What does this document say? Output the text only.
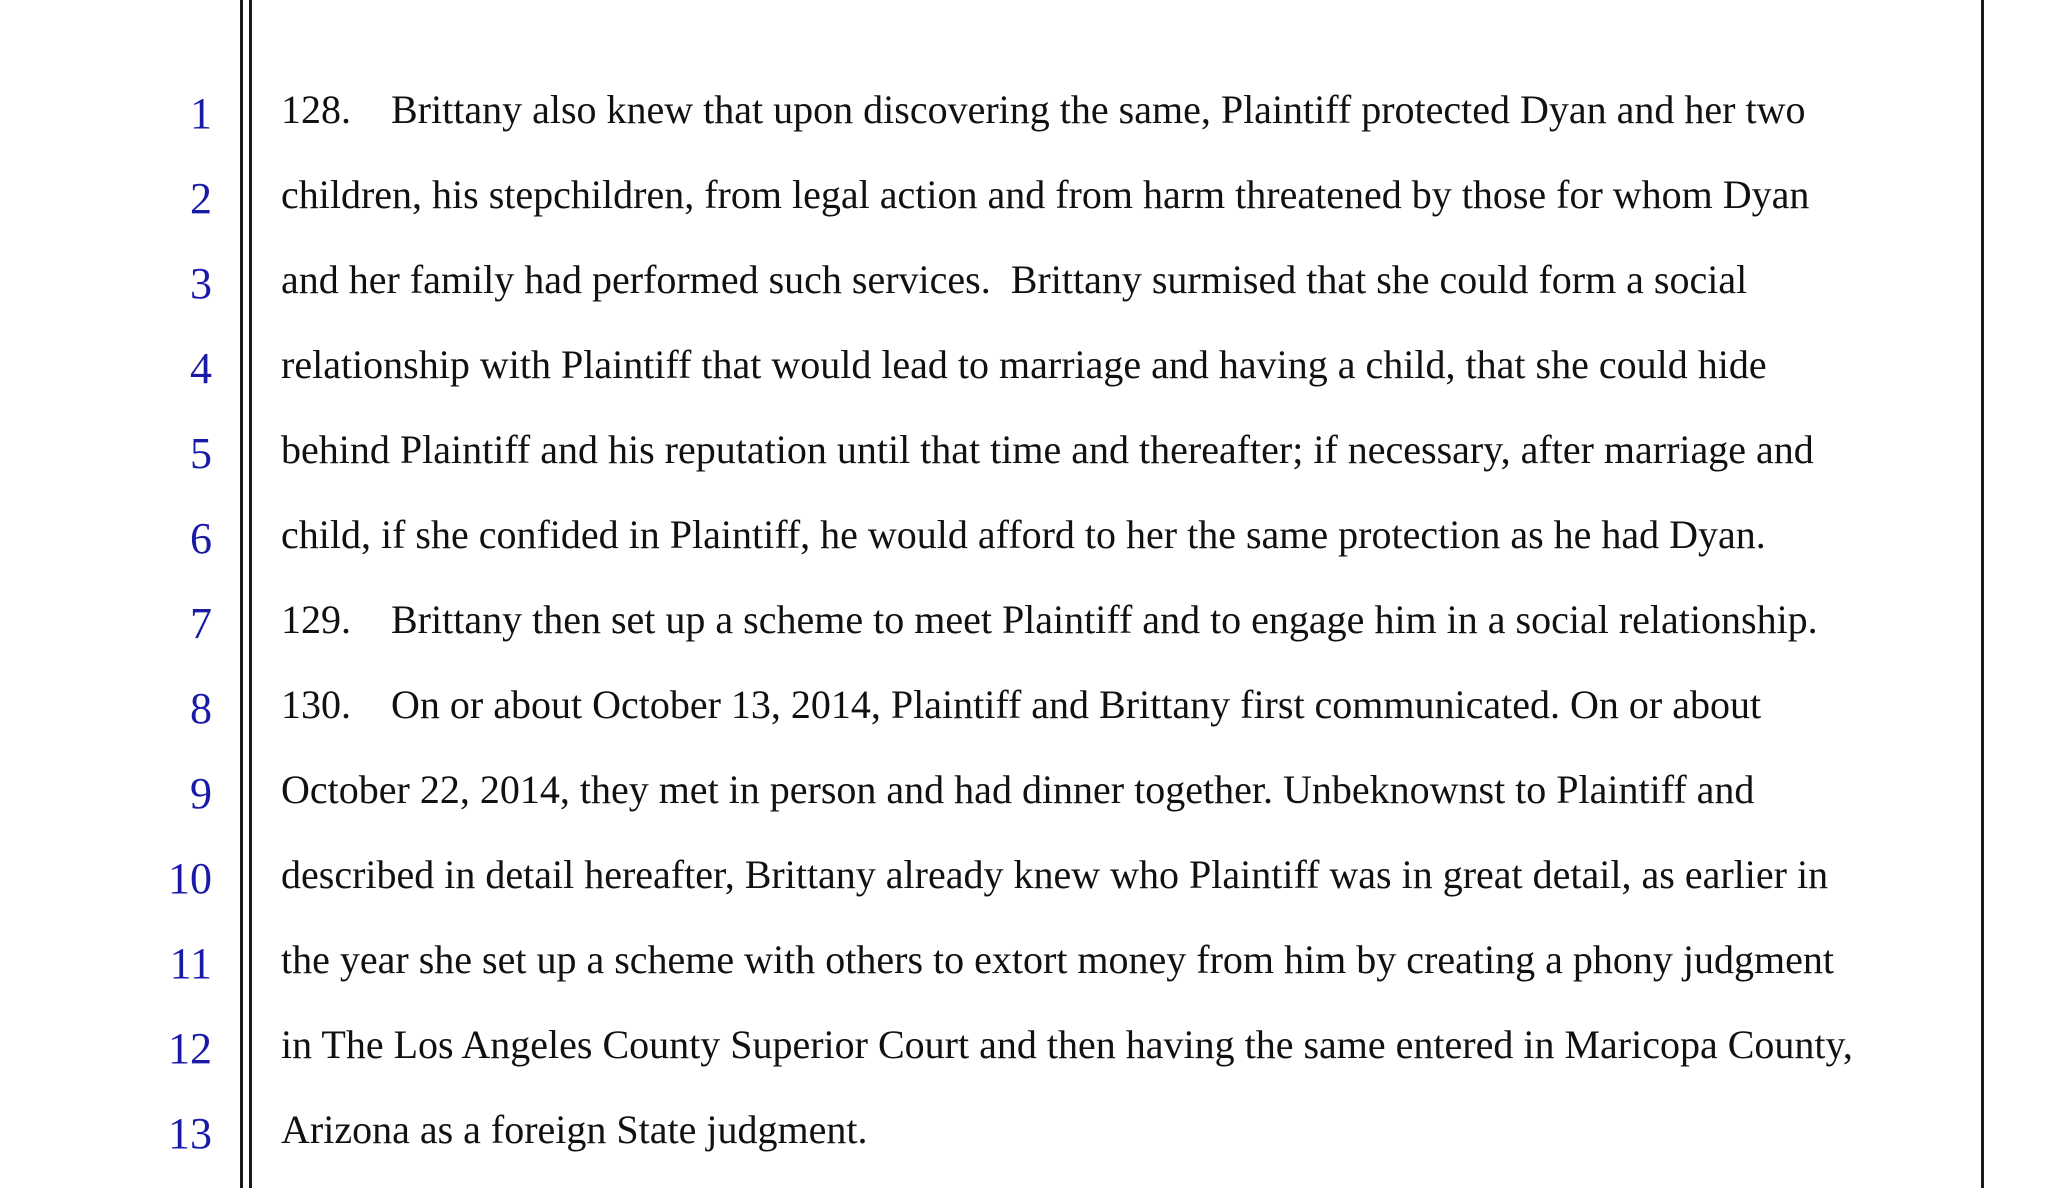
1
2
3
4
5
6
7
8
9
10
11
12
13
128.    Brittany also knew that upon discovering the same, Plaintiff protected Dyan and her two
children, his stepchildren, from legal action and from harm threatened by those for whom Dyan
and her family had performed such services.  Brittany surmised that she could form a social
relationship with Plaintiff that would lead to marriage and having a child, that she could hide
behind Plaintiff and his reputation until that time and thereafter; if necessary, after marriage and
child, if she confided in Plaintiff, he would afford to her the same protection as he had Dyan.
129.    Brittany then set up a scheme to meet Plaintiff and to engage him in a social relationship.
130.    On or about October 13, 2014, Plaintiff and Brittany first communicated. On or about
October 22, 2014, they met in person and had dinner together. Unbeknownst to Plaintiff and
described in detail hereafter, Brittany already knew who Plaintiff was in great detail, as earlier in
the year she set up a scheme with others to extort money from him by creating a phony judgment
in The Los Angeles County Superior Court and then having the same entered in Maricopa County,
Arizona as a foreign State judgment.
